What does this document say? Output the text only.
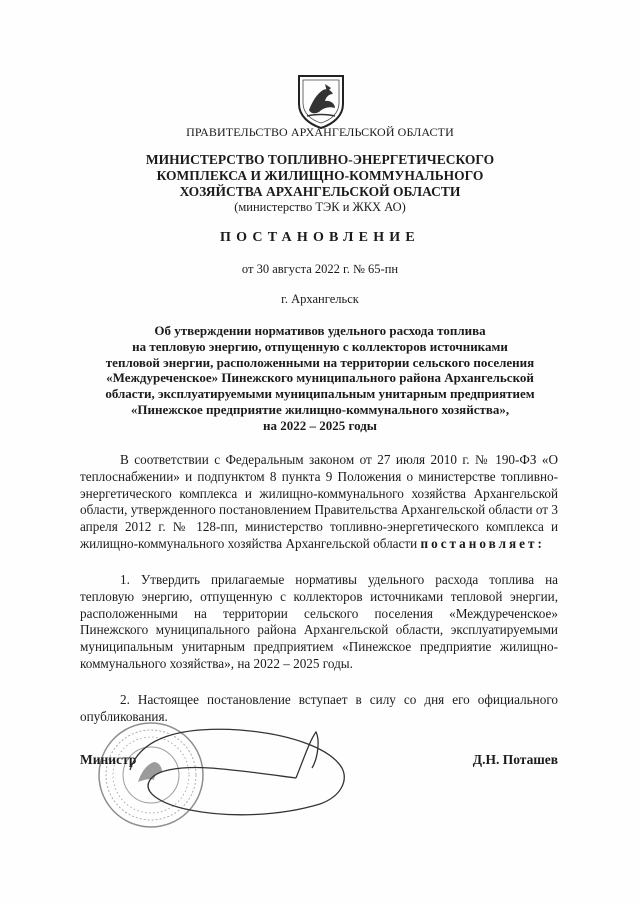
ПРАВИТЕЛЬСТВО АРХАНГЕЛЬСКОЙ ОБЛАСТИ
МИНИСТЕРСТВО ТОПЛИВНО-ЭНЕРГЕТИЧЕСКОГО
КОМПЛЕКСА И ЖИЛИЩНО-КОММУНАЛЬНОГО
ХОЗЯЙСТВА АРХАНГЕЛЬСКОЙ ОБЛАСТИ
(министерство ТЭК и ЖКХ АО)
ПОСТАНОВЛЕНИЕ
от 30 августа 2022 г. № 65-пн
г. Архангельск
Об утверждении нормативов удельного расхода топлива
на тепловую энергию, отпущенную с коллекторов источниками
тепловой энергии, расположенными на территории сельского поселения
«Междуреченское» Пинежского муниципального района Архангельской
области, эксплуатируемыми муниципальным унитарным предприятием
«Пинежское предприятие жилищно-коммунального хозяйства»,
на 2022 – 2025 годы
В соответствии с Федеральным законом от 27 июля 2010 г. № 190-ФЗ «О теплоснабжении» и подпунктом 8 пункта 9 Положения о министерстве топливно-энергетического комплекса и жилищно-коммунального хозяйства Архангельской области, утвержденного постановлением Правительства Архангельской области от 3 апреля 2012 г. № 128-пп, министерство топливно-энергетического комплекса и жилищно-коммунального хозяйства Архангельской области постановляет:
1. Утвердить прилагаемые нормативы удельного расхода топлива на тепловую энергию, отпущенную с коллекторов источниками тепловой энергии, расположенными на территории сельского поселения «Междуреченское» Пинежского муниципального района Архангельской области, эксплуатируемыми муниципальным унитарным предприятием «Пинежское предприятие жилищно-коммунального хозяйства», на 2022 – 2025 годы.
2. Настоящее постановление вступает в силу со дня его официального опубликования.
Министр	Д.Н. Поташев
